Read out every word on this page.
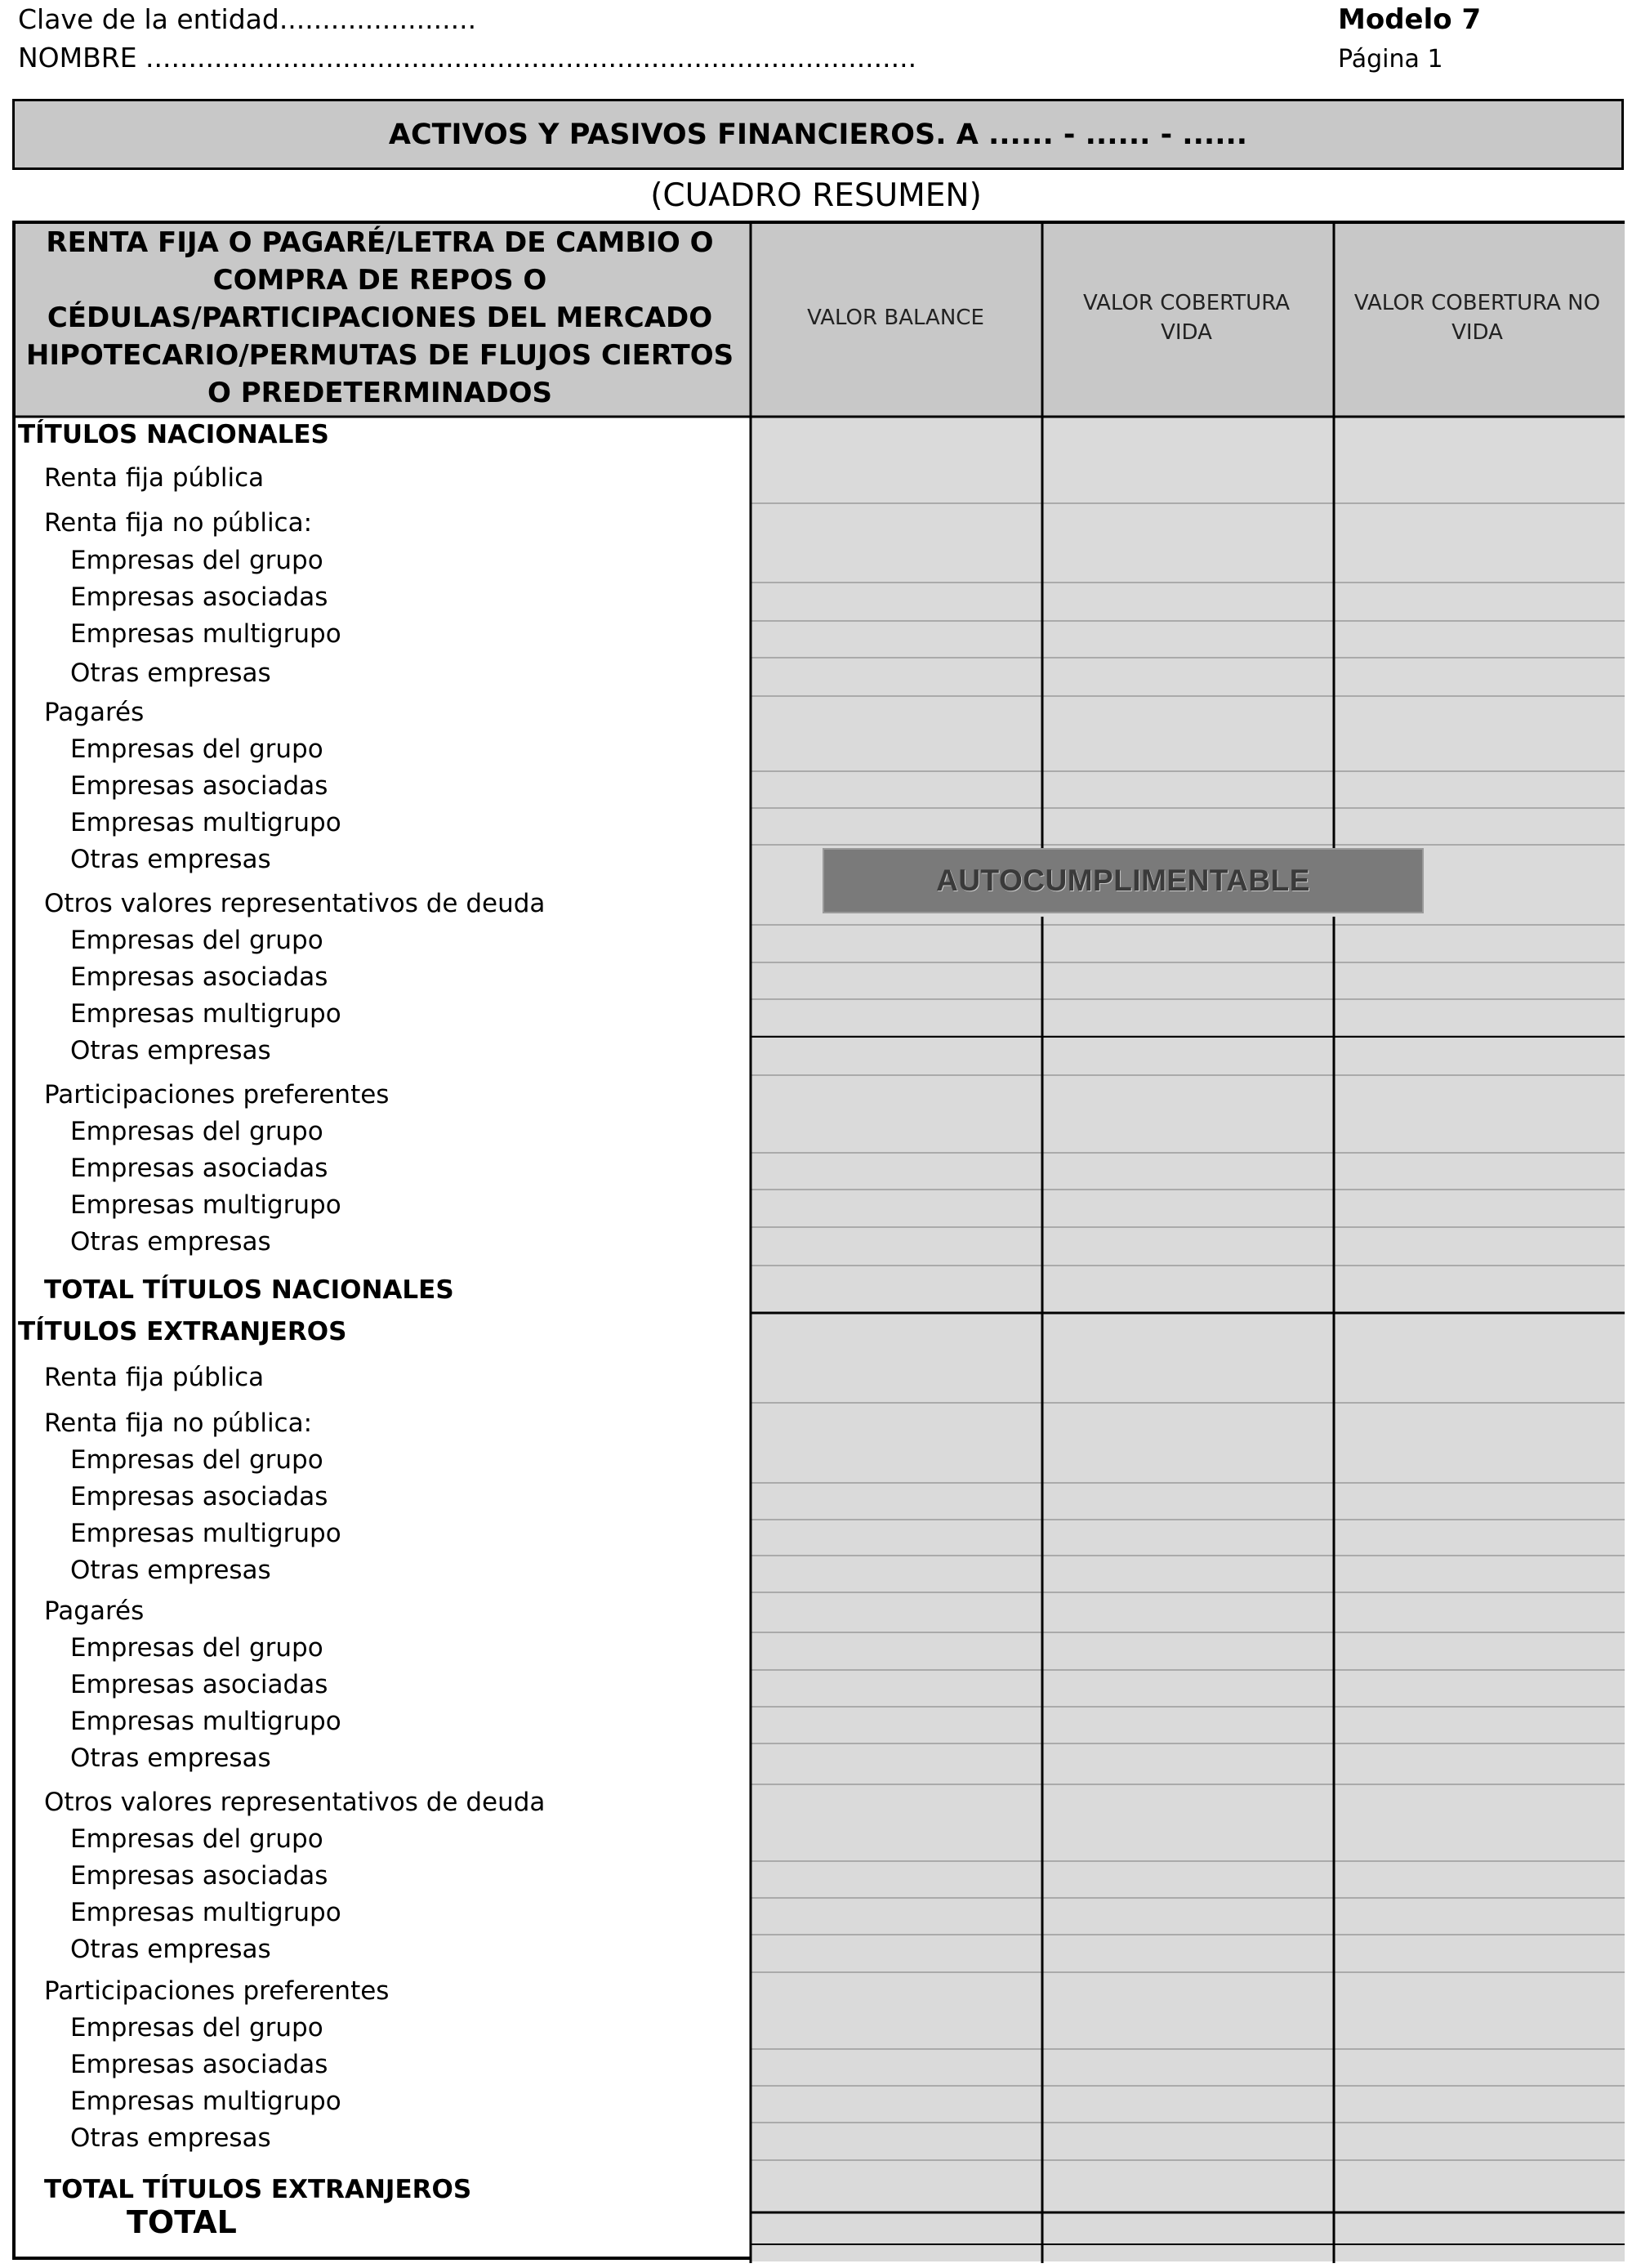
Clave de la entidad.......................
NOMBRE ..........................................................................................
Modelo 7
Página 1
ACTIVOS Y PASIVOS FINANCIEROS. A ...... - ...... - ......
(CUADRO RESUMEN)
RENTA FIJA O PAGARÉ/LETRA DE CAMBIO O COMPRA DE REPOS O CÉDULAS/PARTICIPACIONES DEL MERCADO HIPOTECARIO/PERMUTAS DE FLUJOS CIERTOS O PREDETERMINADOS
VALOR BALANCE
VALOR COBERTURA VIDA
VALOR COBERTURA NO VIDA
TÍTULOS NACIONALES
Renta fija pública
Renta fija no pública:
Empresas del grupo
Empresas asociadas
Empresas multigrupo
Otras empresas
Pagarés
Empresas del grupo
Empresas asociadas
Empresas multigrupo
Otras empresas
Otros valores representativos de deuda
Empresas del grupo
Empresas asociadas
Empresas multigrupo
Otras empresas
Participaciones preferentes
Empresas del grupo
Empresas asociadas
Empresas multigrupo
Otras empresas
TOTAL TÍTULOS NACIONALES
TÍTULOS EXTRANJEROS
Renta fija pública
Renta fija no pública:
Empresas del grupo
Empresas asociadas
Empresas multigrupo
Otras empresas
Pagarés
Empresas del grupo
Empresas asociadas
Empresas multigrupo
Otras empresas
Otros valores representativos de deuda
Empresas del grupo
Empresas asociadas
Empresas multigrupo
Otras empresas
Participaciones preferentes
Empresas del grupo
Empresas asociadas
Empresas multigrupo
Otras empresas
TOTAL TÍTULOS EXTRANJEROS
TOTAL
AUTOCUMPLIMENTABLE
